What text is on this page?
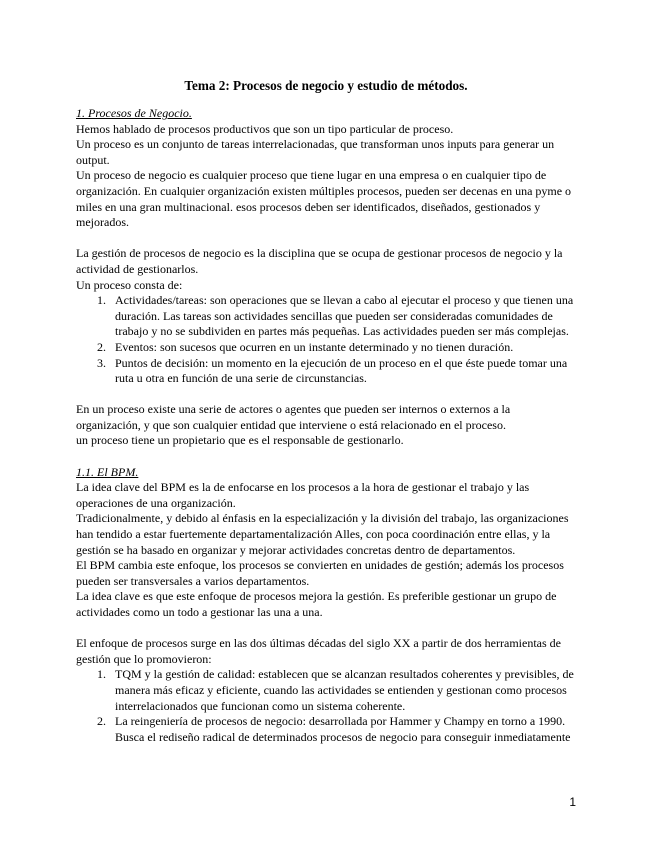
Tema 2: Procesos de negocio y estudio de métodos.

1. Procesos de Negocio.

Hemos hablado de procesos productivos que son un tipo particular de proceso.

Un proceso es un conjunto de tareas interrelacionadas, que transforman unos inputs para generar un output.

Un proceso de negocio es cualquier proceso que tiene lugar en una empresa o en cualquier tipo de organización. En cualquier organización existen múltiples procesos, pueden ser decenas en una pyme o miles en una gran multinacional. esos procesos deben ser identificados, diseñados, gestionados y mejorados.

La gestión de procesos de negocio es la disciplina que se ocupa de gestionar procesos de negocio y la actividad de gestionarlos.

Un proceso consta de:

1. Actividades/tareas: son operaciones que se llevan a cabo al ejecutar el proceso y que tienen una duración. Las tareas son actividades sencillas que pueden ser consideradas comunidades de trabajo y no se subdividen en partes más pequeñas. Las actividades pueden ser más complejas.
2. Eventos: son sucesos que ocurren en un instante determinado y no tienen duración.
3. Puntos de decisión: un momento en la ejecución de un proceso en el que éste puede tomar una ruta u otra en función de una serie de circunstancias.

En un proceso existe una serie de actores o agentes que pueden ser internos o externos a la organización, y que son cualquier entidad que interviene o está relacionado en el proceso.

un proceso tiene un propietario que es el responsable de gestionarlo.

1.1. El BPM.

La idea clave del BPM es la de enfocarse en los procesos a la hora de gestionar el trabajo y las operaciones de una organización.

Tradicionalmente, y debido al énfasis en la especialización y la división del trabajo, las organizaciones han tendido a estar fuertemente departamentalización Alles, con poca coordinación entre ellas, y la gestión se ha basado en organizar y mejorar actividades concretas dentro de departamentos.

El BPM cambia este enfoque, los procesos se convierten en unidades de gestión; además los procesos pueden ser transversales a varios departamentos.

La idea clave es que este enfoque de procesos mejora la gestión. Es preferible gestionar un grupo de actividades como un todo a gestionar las una a una.

El enfoque de procesos surge en las dos últimas décadas del siglo XX a partir de dos herramientas de gestión que lo promovieron:

1. TQM y la gestión de calidad: establecen que se alcanzan resultados coherentes y previsibles, de manera más eficaz y eficiente, cuando las actividades se entienden y gestionan como procesos interrelacionados que funcionan como un sistema coherente.
2. La reingeniería de procesos de negocio: desarrollada por Hammer y Champy en torno a 1990. Busca el rediseño radical de determinados procesos de negocio para conseguir inmediatamente
1
